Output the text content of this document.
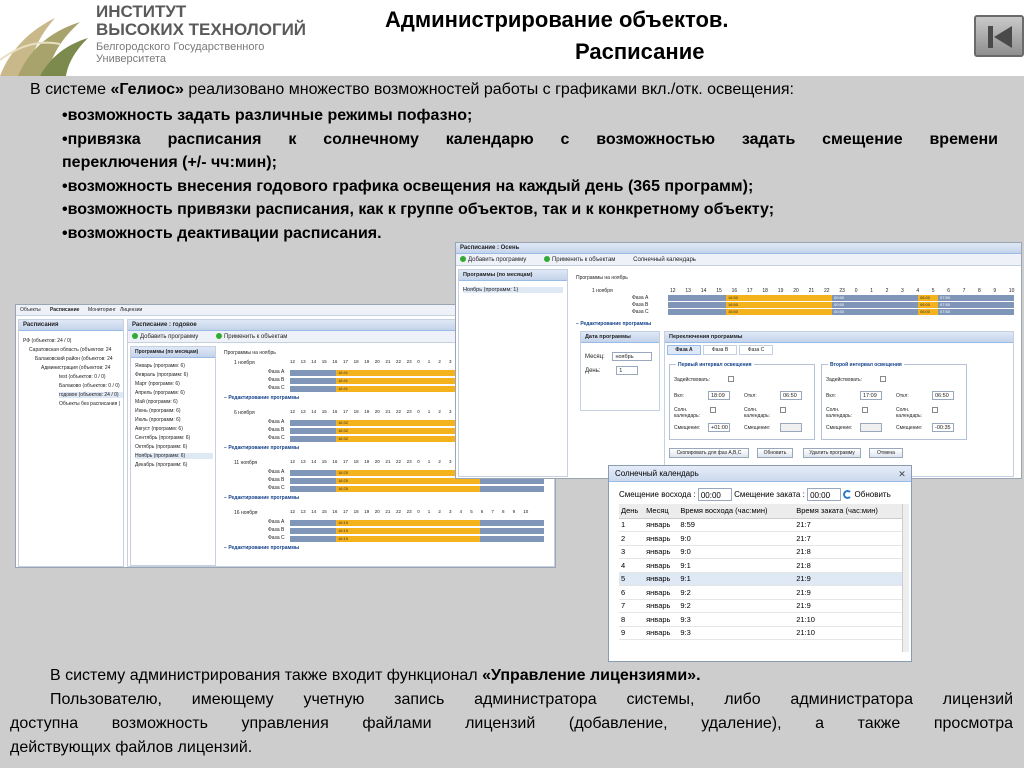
ИНСТИТУТ
ВЫСОКИХ ТЕХНОЛОГИЙ
Белгородского Государственного
Университета
Администрирование объектов.
Расписание
В системе «Гелиос» реализовано множество возможностей работы с графиками вкл./отк. освещения:
•возможность задать различные режимы пофазно;
•привязка расписания к солнечному календарю с возможностью задать смещение времени
переключения (+/- чч:мин);
•возможность внесения годового графика освещения на каждый день (365 программ);
•возможность привязки расписания, как к группе объектов, так и к конкретному объекту;
•возможность деактивации расписания.
Объекты Расписание Мониторинг Лицензии
Расписания
РФ (объектов: 24 / 0)
Саратовская область (объектов: 24
Балаковский район (объектов: 24
Администрация (объектов: 24
test (объектов: 0 / 0)
Балаково (объектов: 0 / 0)
годовое (объектов: 24 / 0)
Объекты без расписания (
Расписание : годовое
Добавить программу	Применить к объектам
Программы (по месяцам)
Январь (программ: 6)
Февраль (программ: 6)
Март (программ: 6)
Апрель (программ: 6)
Май (программ: 6)
Июнь (программ: 6)
Июль (программ: 6)
Август (программ: 6)
Сентябрь (программ: 6)
Октябрь (программ: 6)
Ноябрь (программ: 6)
Декабрь (программ: 6)
Программы на ноябрь
1 ноября	12 13 14 15 16 17 18 19 20 21 22 23 0 1 2 3
Фаза А	16:41
Фаза В	16:41
Фаза С	16:41
− Редактирование программы
6 ноября	12 13 14 15 16 17 18 19 20 21 22 23 0 1 2 3
Фаза А	16:32
Фаза В	16:32
Фаза С	16:32
− Редактирование программы
11 ноября	12 13 14 15 16 17 18 19 20 21 22 23 0 1 2 3
Фаза А	16:25
Фаза В	16:25
Фаза С	16:25
− Редактирование программы
16 ноября	12 13 14 15 16 17 18 19 20 21 22 23 0 1 2 3 4 5 6 7 8 9 10
Фаза А	16:19
Фаза В	16:19
Фаза С	16:19
− Редактирование программы
Расписание : Осень
Добавить программу	Применить к объектам	Солнечный календарь
Программы (по месяцам)
Ноябрь (программ: 1)
Программы на ноябрь
1 ноября	12 13 14 15 16 17 18 19 20 21 22 23 0	1	2	3	4	5	6	7	8	9	10
Фаза А	16:50	00:50	06:00	07:50
Фаза В	16:50	00:50	06:00	07:50
Фаза С	16:50	00:50	06:00	07:50
− Редактирование программы
Дата программы
Месяц: ноябрь
День:	1
Переключения программы
Фаза А	Фаза В	Фаза С
Первый интервал освещения
Задействовать:
Вкл:	18:09	Откл:	06:50
Солн. календарь:
Солн. календарь:
Смещение:	+01:00	Смещение:
Второй интервал освещения
Задействовать:
Вкл:	17:09	Откл:	06:50
Солн. календарь:
Солн. календарь:
Смещение:	Смещение:	-00:35
Скопировать для фаз А,В,С	Обновить	Удалить программу	Отмена
Солнечный календарь	✕
Смещение восхода : 00:00 Смещение заката : 00:00	Обновить
День	Месяц	Время восхода (час:мин)	Время заката (час:мин)
1	январь	8:59	21:7
2	январь	9:0	21:7
3	январь	9:0	21:8
4	январь	9:1	21:8
5	январь	9:1	21:9
6	январь	9:2	21:9
7	январь	9:2	21:9
8	январь	9:3	21:10
9	январь	9:3	21:10
В систему администрирования также входит функционал «Управление лицензиями».
Пользователю, имеющему учетную запись администратора системы, либо администратора лицензий
доступна возможность управления файлами лицензий (добавление, удаление), а также просмотра
действующих файлов лицензий.
